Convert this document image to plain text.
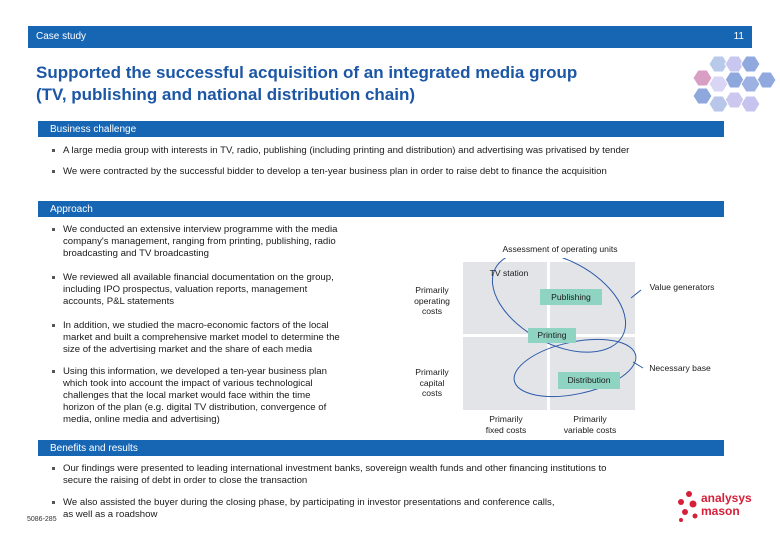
Case study	11
Supported the successful acquisition of an integrated media group
(TV, publishing and national distribution chain)
Business challenge
A large media group with interests in TV, radio, publishing (including printing and distribution) and advertising was privatised by tender
We were contracted by the successful bidder to develop a ten-year business plan in order to raise debt to finance the acquisition
Approach
We conducted an extensive interview programme with the media
company's management, ranging from printing, publishing, radio
broadcasting and TV broadcasting
We reviewed all available financial documentation on the group,
including IPO prospectus, valuation reports, management
accounts, P&L statements
In addition, we studied the macro-economic factors of the local
market and built a comprehensive market model to determine the
size of the advertising market and the share of each media
Using this information, we developed a ten-year business plan
which took into account the impact of various technological
challenges that the local market would face within the time
horizon of the plan (e.g. digital TV distribution, convergence of
media, online media and advertising)
Assessment of operating units
TV station
Publishing
Printing
Distribution
Value generators
Necessary base
Primarily
operating
costs
Primarily
capital
costs
Primarily
fixed costs
Primarily
variable costs
Benefits and results
Our findings were presented to leading international investment banks, sovereign wealth funds and other financing institutions to
secure the raising of debt in order to close the transaction
We also assisted the buyer during the closing phase, by participating in investor presentations and conference calls,
as well as a roadshow
5086-285
analysys
mason
